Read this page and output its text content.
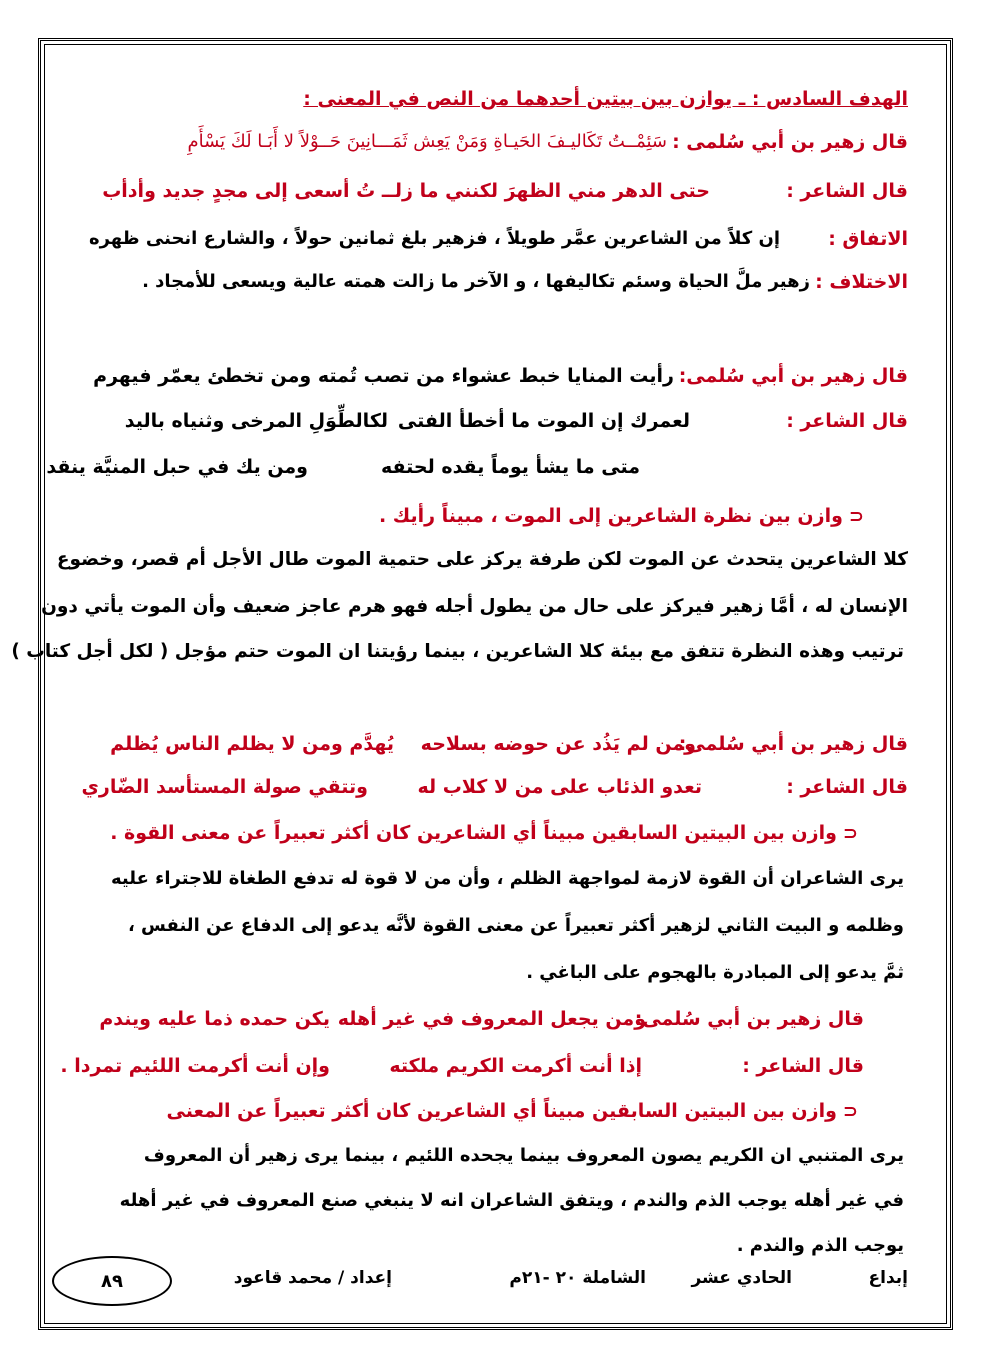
الهدف السادس : ـ يوازن بين بيتين أحدهما من النص في المعنى :
قال زهير بن أبي سُلمى :
سَئِمْــتُ تَكَاليـفَ الحَيـاةِ وَمَنْ يَعِش ثَمَـــانِينَ حَــوْلاً لا أَبَـا لَكَ يَسْأَمِ
قال الشاعر :
حتى الدهر مني الظهرَ لكنني ما زلــ تُ أسعى إلى مجدٍ جديد وأدأب
الاتفاق :
إن كلاً من الشاعرين عمَّر طويلاً ، فزهير بلغ ثمانين حولاً ، والشارع انحنى ظهره
الاختلاف :
زهير ملَّ الحياة وسئم تكاليفها ، و الآخر ما زالت همته عالية ويسعى للأمجاد .
قال زهير بن أبي سُلمى:
رأيت المنايا خبط عشواء من تصب
تُمته ومن تخطئ يعمّر فيهرم
قال الشاعر :
لعمرك إن الموت ما أخطأ الفتى
لكالطِّوَلِ المرخى وثنياه باليد
متى ما يشأ يوماً يقده لحتفه
ومن يك في حبل المنيَّة ينقد
⊂وازن بين نظرة الشاعرين إلى الموت ، مبيناً رأيك .
كلا الشاعرين يتحدث عن الموت لكن طرفة يركز على حتمية الموت طال الأجل أم قصر، وخضوع
الإنسان له ، أمَّا زهير فيركز على حال من يطول أجله فهو هرم عاجز ضعيف وأن الموت يأتي دون
ترتيب وهذه النظرة تتفق مع بيئة كلا الشاعرين ، بينما رؤيتنا ان الموت حتم مؤجل ( لكل أجل كتاب )
قال زهير بن أبي سُلمى:
ومن لم يَذُد عن حوضه بسلاحه
يُهدَّم ومن لا يظلم الناس يُظلم
قال الشاعر :
تعدو الذئاب على من لا كلاب له
وتتقي صولة المستأسد الضّاري
⊂وازن بين البيتين السابقين مبيناً أي الشاعرين كان أكثر تعبيراً عن معنى القوة .
يرى الشاعران أن القوة لازمة لمواجهة الظلم ، وأن من لا قوة له تدفع الطغاة للاجتراء عليه
وظلمه و البيت الثاني لزهير أكثر تعبيراً عن معنى القوة لأنَّه يدعو إلى الدفاع عن النفس ،
ثمَّ يدعو إلى المبادرة بالهجوم على الباغي .
قال زهير بن أبي سُلمى:
ومن يجعل المعروف في غير أهله
يكن حمده ذما عليه ويندم
قال الشاعر :
إذا أنت أكرمت الكريم ملكته
وإن أنت أكرمت اللئيم تمردا .
⊂وازن بين البيتين السابقين مبيناً أي الشاعرين كان أكثر تعبيراً عن المعنى
يرى المتنبي ان الكريم يصون المعروف بينما يجحده اللئيم ، بينما يرى زهير أن المعروف
في غير أهله يوجب الذم والندم ، ويتفق الشاعران انه لا ينبغي صنع المعروف في غير أهله
يوجب الذم والندم .
إبداع
الحادي عشر
الشاملة ٢٠ -٢١م
إعداد / محمد قاعود
٨٩
